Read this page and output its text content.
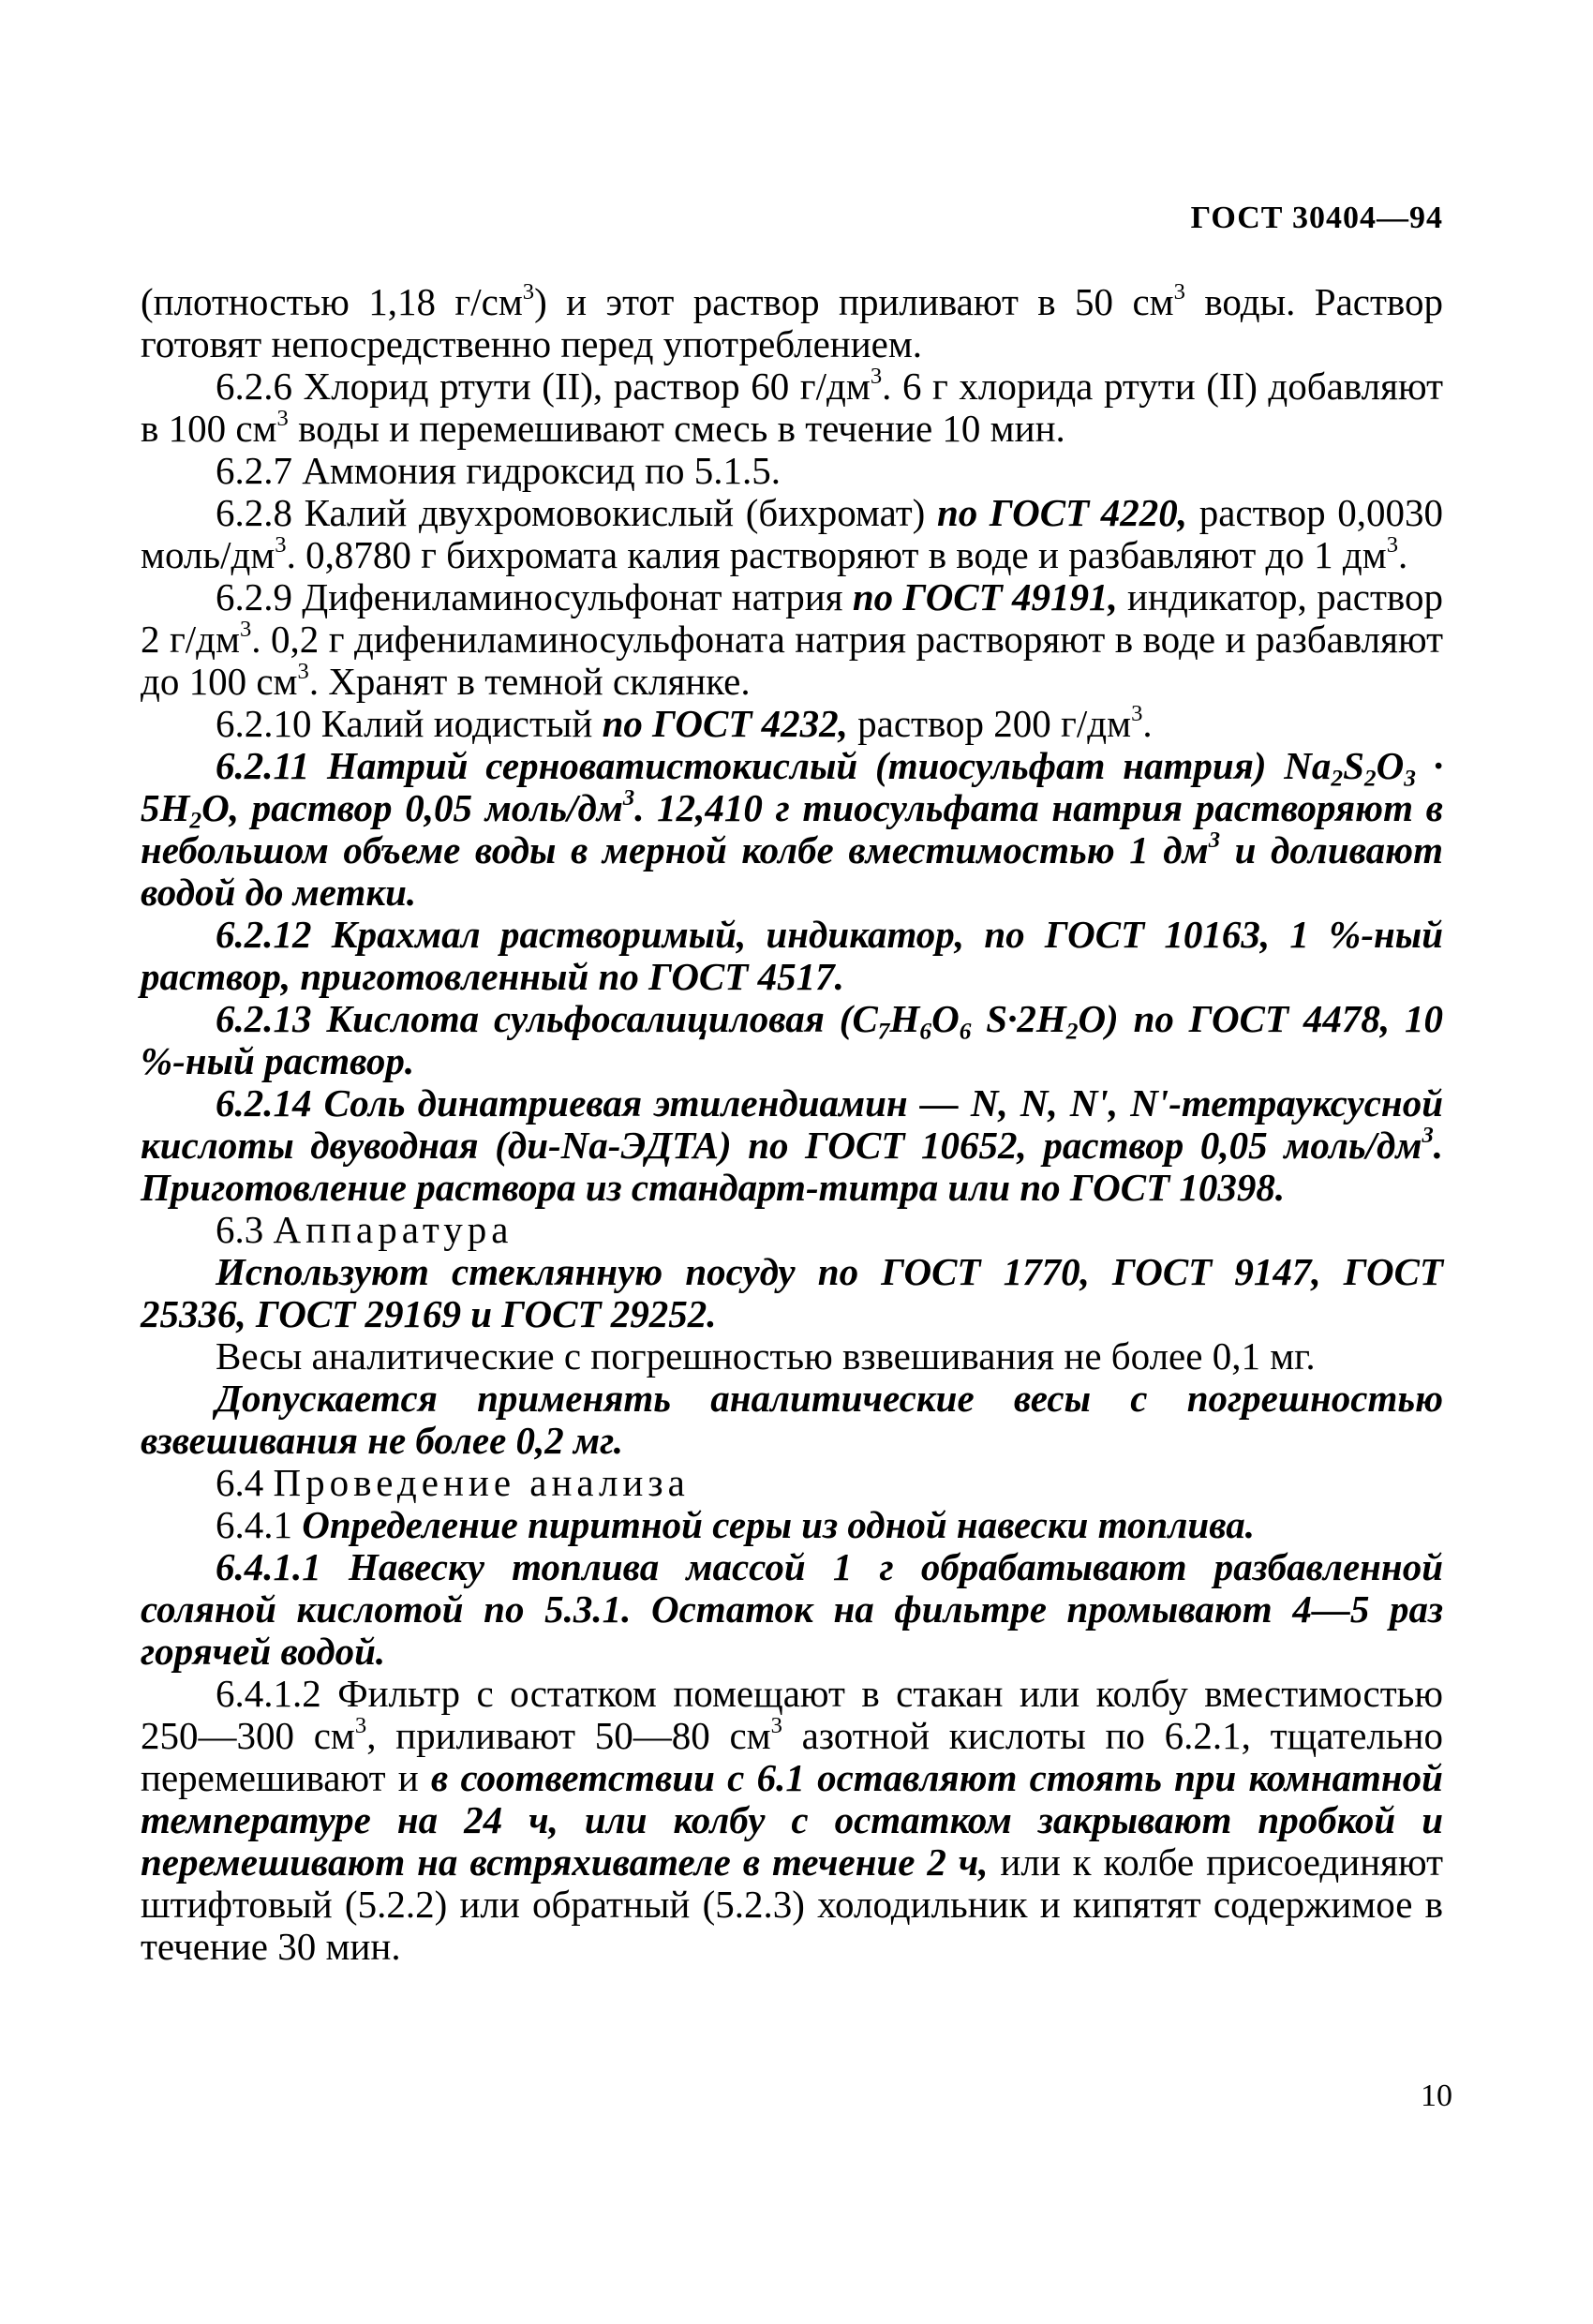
ГОСТ 30404—94

(плотностью 1,18 $г/см^3$) и этот раствор приливают в 50 $см^3$ воды. Раствор готовят непосредственно перед употреблением.

6.2.6 Хлорид ртути (II), раствор 60 $г/дм^3$. 6 г хлорида ртути (II) добавляют в 100 $см^3$ воды и перемешивают смесь в течение 10 мин.

6.2.7 Аммония гидроксид по 5.1.5.

6.2.8 Калий двухромовокислый (бихромат) по ГОСТ 4220, раствор 0,0030 моль/$дм^3$. 0,8780 г бихромата калия растворяют в воде и разбавляют до 1 $дм^3$.

6.2.9 Дифениламиносульфонат натрия по ГОСТ 49191, индикатор, раствор 2 $г/дм^3$. 0,2 г дифениламиносульфоната натрия растворяют в воде и разбавляют до 100 $см^3$. Хранят в темной склянке.

6.2.10 Калий иодистый по ГОСТ 4232, раствор 200 $г/дм^3$.

6.2.11 Натрий серноватистокислый (тиосульфат натрия) $Na_2S_2O_3 \cdot 5H_2O$, раствор 0,05 моль/$дм^3$. 12,410 г тиосульфата натрия растворяют в небольшом объеме воды в мерной колбе вместимостью 1 $дм^3$ и доливают водой до метки.

6.2.12 Крахмал растворимый, индикатор, по ГОСТ 10163, 1 %-ный раствор, приготовленный по ГОСТ 4517.

6.2.13 Кислота сульфосалициловая ($C_7H_6O_6$ $S\cdot 2H_2O$) по ГОСТ 4478, 10 %-ный раствор.

6.2.14 Соль динатриевая этилендиамин — N, N, N', N'-тетрауксусной кислоты двуводная (ди-Na-ЭДТА) по ГОСТ 10652, раствор 0,05 моль/$дм^3$. Приготовление раствора из стандарт-титра или по ГОСТ 10398.

6.3 Аппаратура

Используют стеклянную посуду по ГОСТ 1770, ГОСТ 9147, ГОСТ 25336, ГОСТ 29169 и ГОСТ 29252.

Весы аналитические с погрешностью взвешивания не более 0,1 мг.

Допускается применять аналитические весы с погрешностью взвешивания не более 0,2 мг.

6.4 Проведение анализа

6.4.1 Определение пиритной серы из одной навески топлива.

6.4.1.1 Навеску топлива массой 1 г обрабатывают разбавленной соляной кислотой по 5.3.1. Остаток на фильтре промывают 4—5 раз горячей водой.

6.4.1.2 Фильтр с остатком помещают в стакан или колбу вместимостью 250—300 $см^3$, приливают 50—80 $см^3$ азотной кислоты по 6.2.1, тщательно перемешивают и в соответствии с 6.1 оставляют стоять при комнатной температуре на 24 ч, или колбу с остатком закрывают пробкой и перемешивают на встряхивателе в течение 2 ч, или к колбе присоединяют штифтовый (5.2.2) или обратный (5.2.3) холодильник и кипятят содержимое в течение 30 мин.

10
